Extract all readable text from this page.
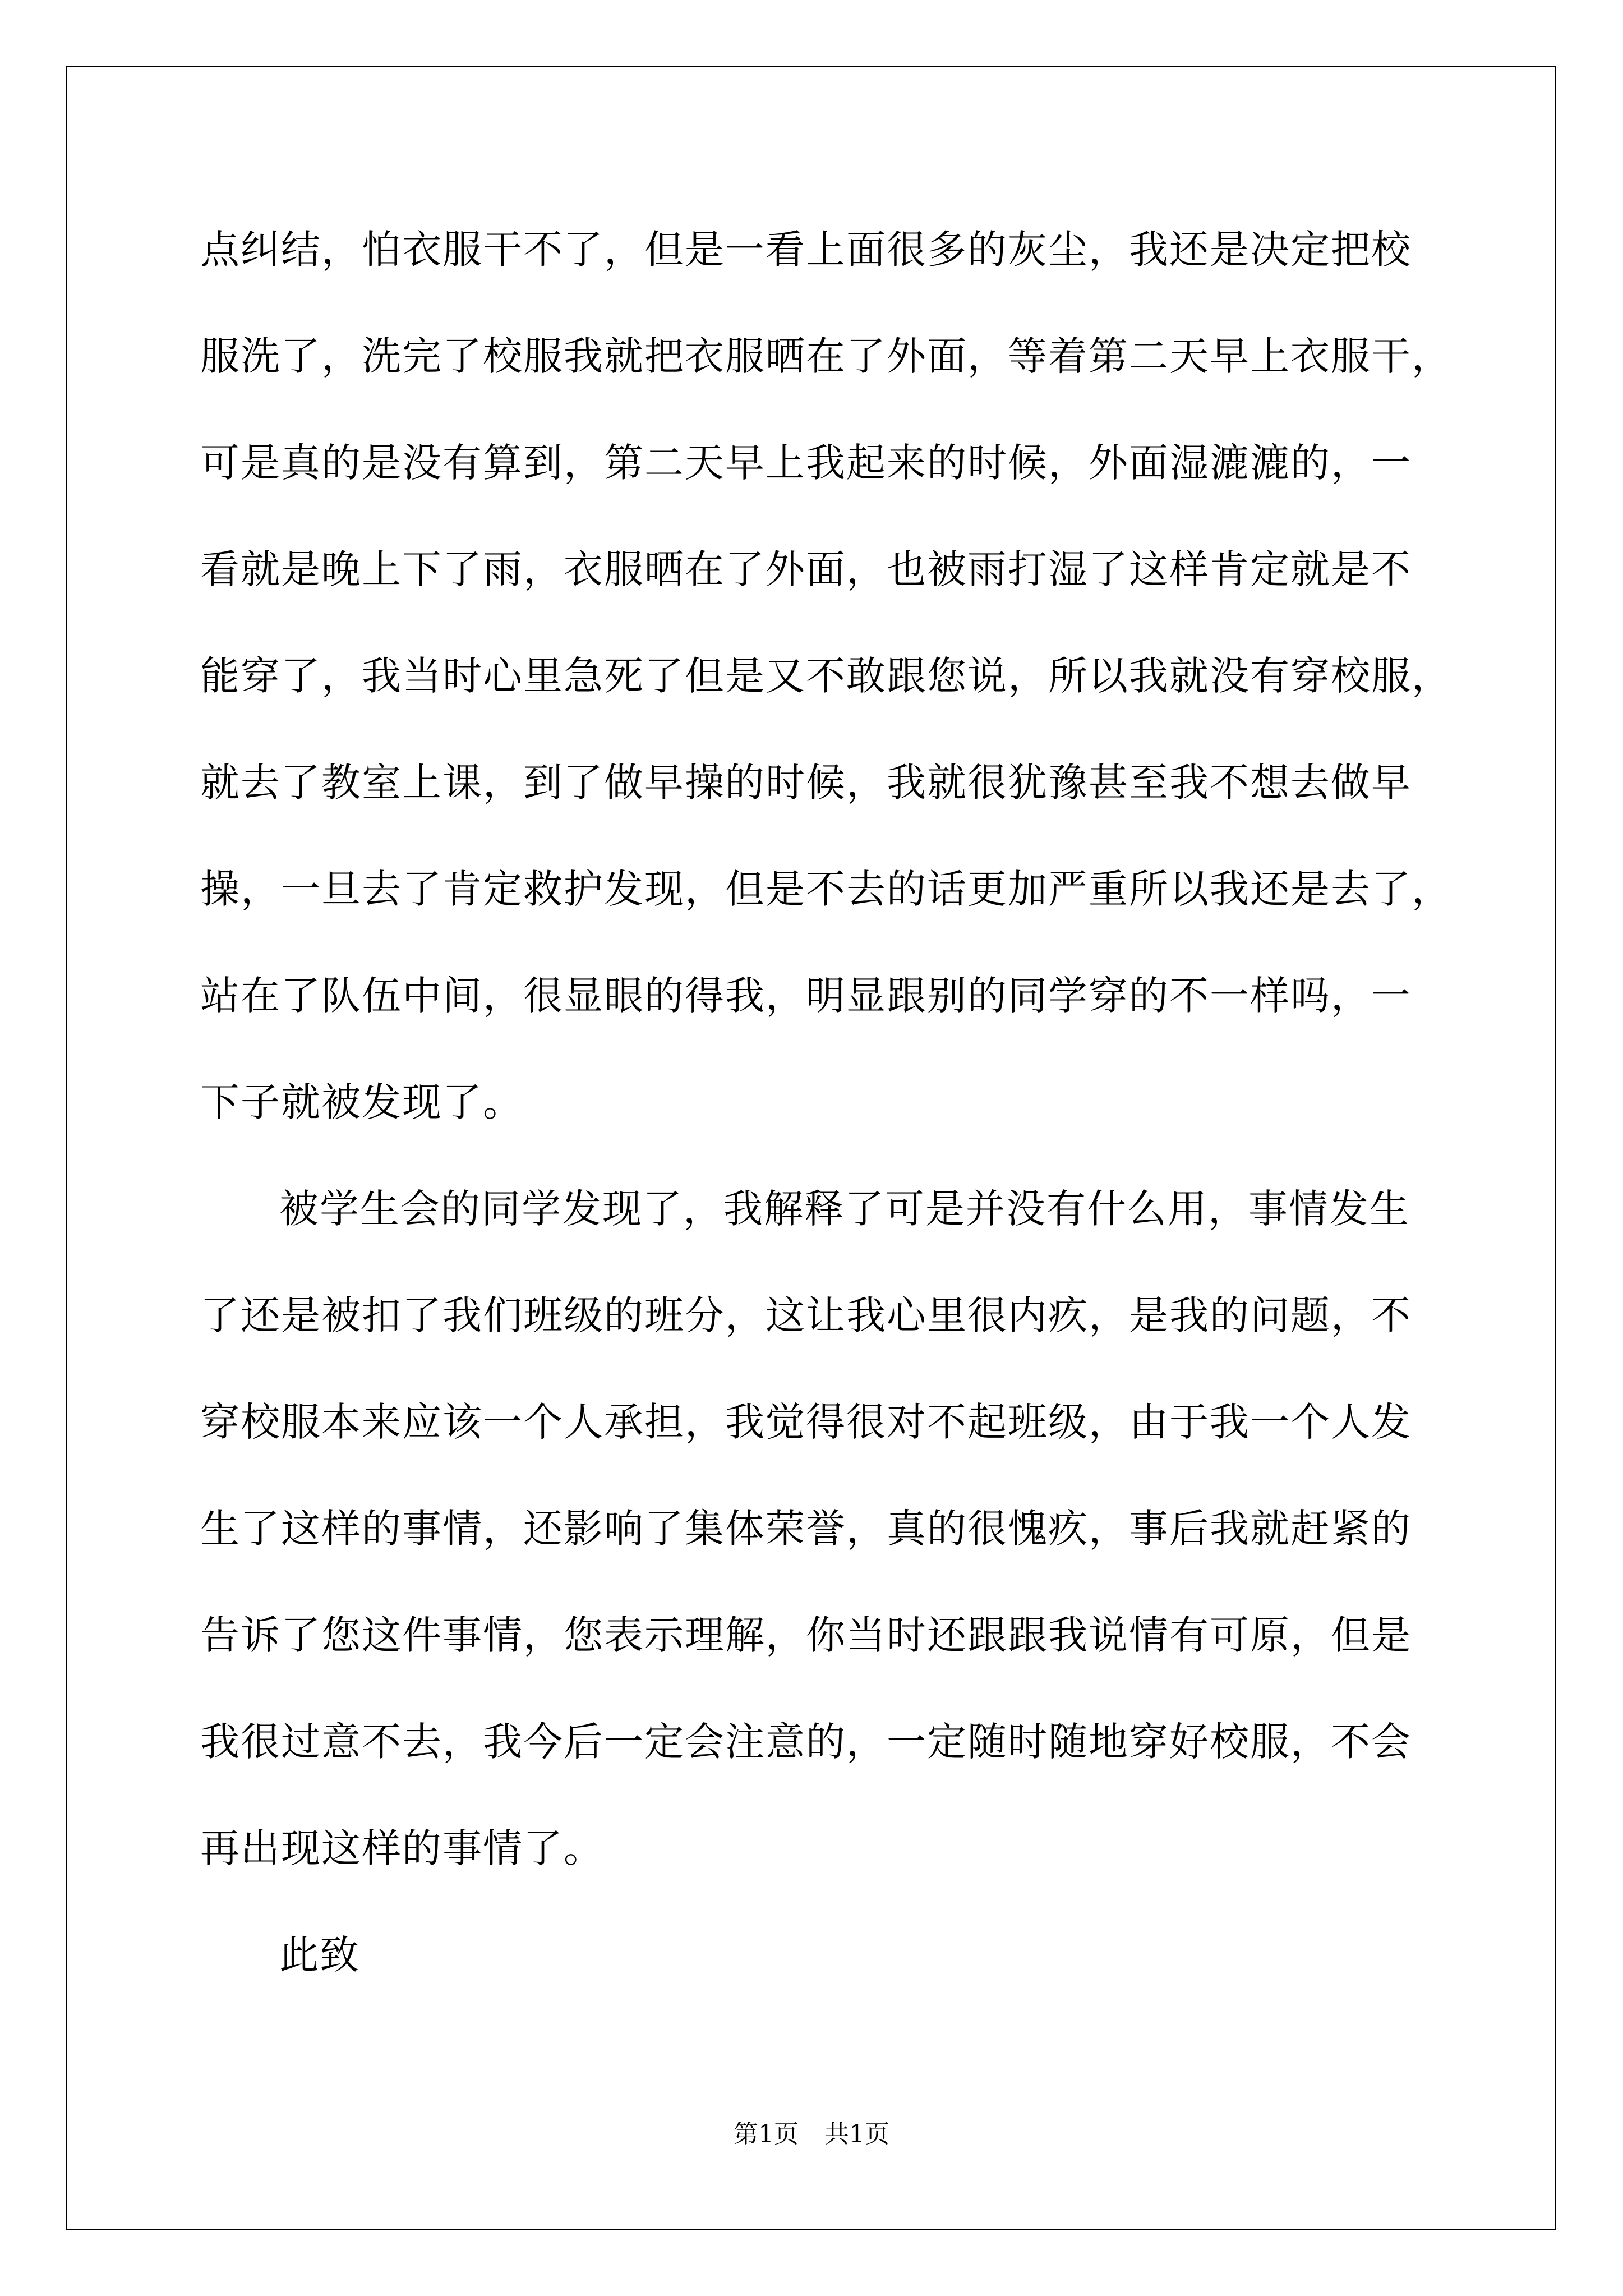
点纠结，怕衣服干不了，但是一看上面很多的灰尘，我还是决定把校
服洗了，洗完了校服我就把衣服晒在了外面，等着第二天早上衣服干，
可是真的是没有算到，第二天早上我起来的时候，外面湿漉漉的，一
看就是晚上下了雨，衣服晒在了外面，也被雨打湿了这样肯定就是不
能穿了，我当时心里急死了但是又不敢跟您说，所以我就没有穿校服，
就去了教室上课，到了做早操的时候，我就很犹豫甚至我不想去做早
操，一旦去了肯定救护发现，但是不去的话更加严重所以我还是去了，
站在了队伍中间，很显眼的得我，明显跟别的同学穿的不一样吗，一
下子就被发现了。
被学生会的同学发现了，我解释了可是并没有什么用，事情发生
了还是被扣了我们班级的班分，这让我心里很内疚，是我的问题，不
穿校服本来应该一个人承担，我觉得很对不起班级，由于我一个人发
生了这样的事情，还影响了集体荣誉，真的很愧疚，事后我就赶紧的
告诉了您这件事情，您表示理解，你当时还跟跟我说情有可原，但是
我很过意不去，我今后一定会注意的，一定随时随地穿好校服，不会
再出现这样的事情了。
此致
第1页 共1页
